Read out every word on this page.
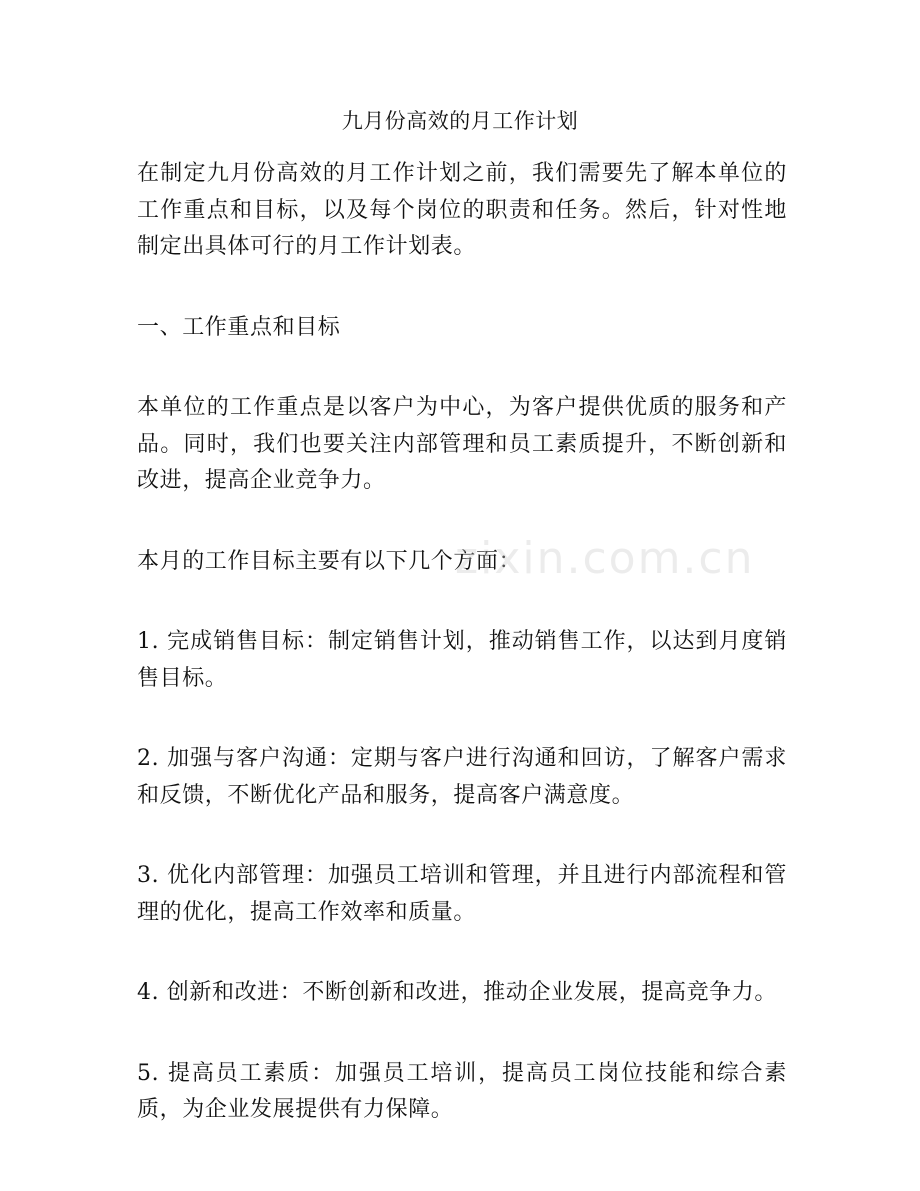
九月份高效的月工作计划

在制定九月份高效的月工作计划之前，我们需要先了解本单位的工作重点和目标，以及每个岗位的职责和任务。然后，针对性地制定出具体可行的月工作计划表。

一、工作重点和目标

本单位的工作重点是以客户为中心，为客户提供优质的服务和产品。同时，我们也要关注内部管理和员工素质提升，不断创新和改进，提高企业竞争力。

本月的工作目标主要有以下几个方面：

1. 完成销售目标：制定销售计划，推动销售工作，以达到月度销售目标。

2. 加强与客户沟通：定期与客户进行沟通和回访，了解客户需求和反馈，不断优化产品和服务，提高客户满意度。

3. 优化内部管理：加强员工培训和管理，并且进行内部流程和管理的优化，提高工作效率和质量。

4. 创新和改进：不断创新和改进，推动企业发展，提高竞争力。

5. 提高员工素质：加强员工培训，提高员工岗位技能和综合素质，为企业发展提供有力保障。

zixin.com.cn
